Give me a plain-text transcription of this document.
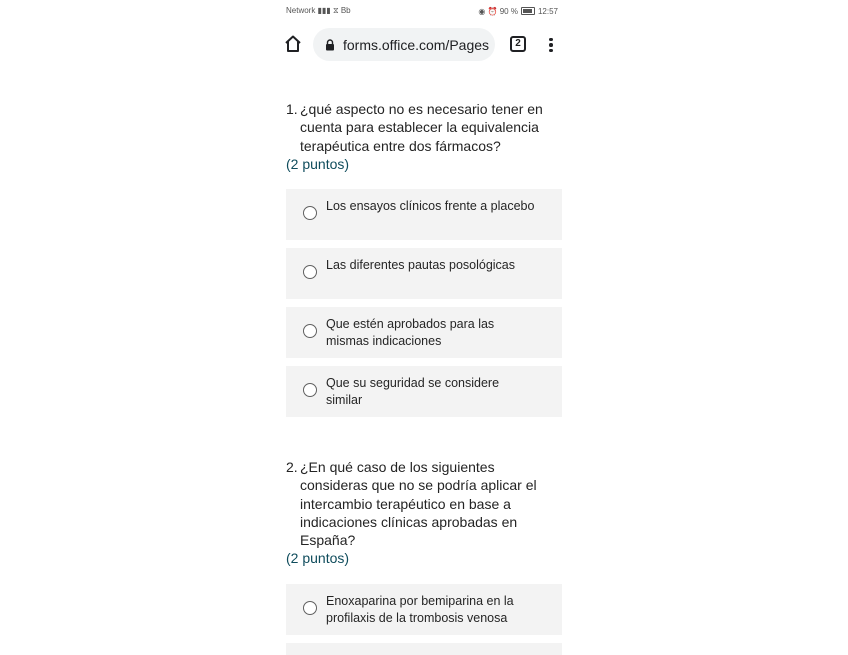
Network ▮▮▮ ⧖ Bb	◉ ⏰ 90 %	12:57
forms.office.com/Pages	2
1. ¿qué aspecto no es necesario tener en cuenta para establecer la equivalencia terapéutica entre dos fármacos?
(2 puntos)
Los ensayos clínicos frente a placebo
Las diferentes pautas posológicas
Que estén aprobados para las mismas indicaciones
Que su seguridad se considere similar
2. ¿En qué caso de los siguientes consideras que no se podría aplicar el intercambio terapéutico en base a indicaciones clínicas aprobadas en España?
(2 puntos)
Enoxaparina por bemiparina en la profilaxis de la trombosis venosa
